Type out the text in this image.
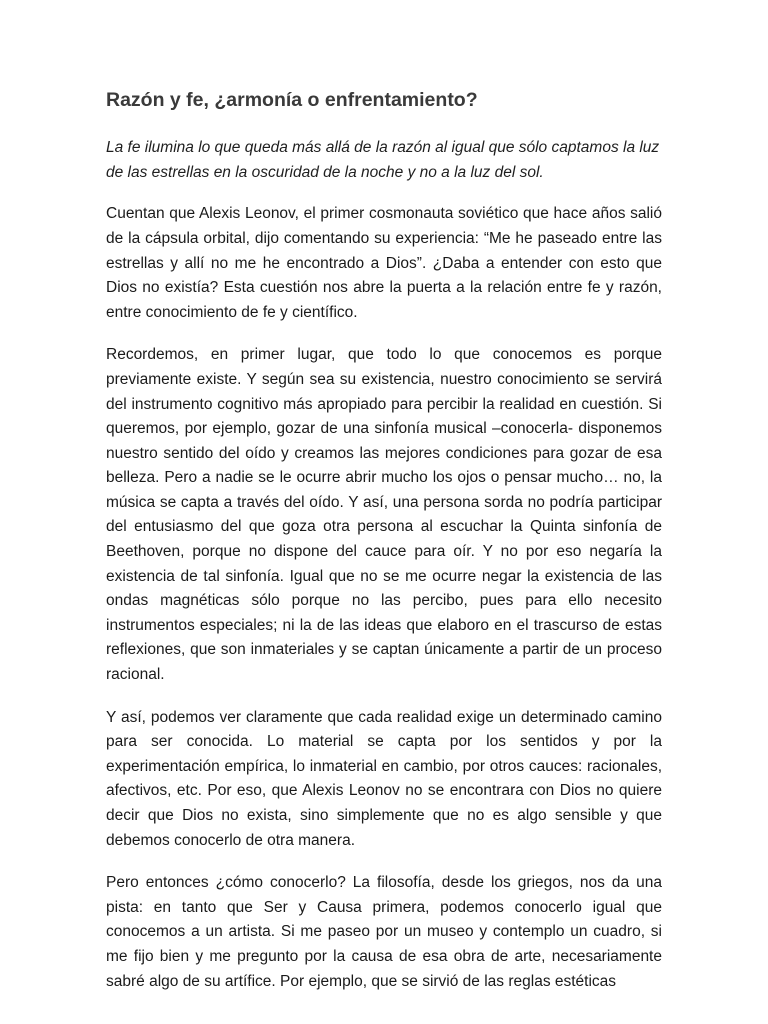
Razón y fe, ¿armonía o enfrentamiento?

La fe ilumina lo que queda más allá de la razón al igual que sólo captamos la luz de las estrellas en la oscuridad de la noche y no a la luz del sol.

Cuentan que Alexis Leonov, el primer cosmonauta soviético que hace años salió de la cápsula orbital, dijo comentando su experiencia: “Me he paseado entre las estrellas y allí no me he encontrado a Dios”. ¿Daba a entender con esto que Dios no existía? Esta cuestión nos abre la puerta a la relación entre fe y razón, entre conocimiento de fe y científico.

Recordemos, en primer lugar, que todo lo que conocemos es porque previamente existe. Y según sea su existencia, nuestro conocimiento se servirá del instrumento cognitivo más apropiado para percibir la realidad en cuestión. Si queremos, por ejemplo, gozar de una sinfonía musical –conocerla- disponemos nuestro sentido del oído y creamos las mejores condiciones para gozar de esa belleza. Pero a nadie se le ocurre abrir mucho los ojos o pensar mucho… no, la música se capta a través del oído. Y así, una persona sorda no podría participar del entusiasmo del que goza otra persona al escuchar la Quinta sinfonía de Beethoven, porque no dispone del cauce para oír. Y no por eso negaría la existencia de tal sinfonía. Igual que no se me ocurre negar la existencia de las ondas magnéticas sólo porque no las percibo, pues para ello necesito instrumentos especiales; ni la de las ideas que elaboro en el trascurso de estas reflexiones, que son inmateriales y se captan únicamente a partir de un proceso racional.

Y así, podemos ver claramente que cada realidad exige un determinado camino para ser conocida. Lo material se capta por los sentidos y por la experimentación empírica, lo inmaterial en cambio, por otros cauces: racionales, afectivos, etc. Por eso, que Alexis Leonov no se encontrara con Dios no quiere decir que Dios no exista, sino simplemente que no es algo sensible y que debemos conocerlo de otra manera.

Pero entonces ¿cómo conocerlo? La filosofía, desde los griegos, nos da una pista: en tanto que Ser y Causa primera, podemos conocerlo igual que conocemos a un artista. Si me paseo por un museo y contemplo un cuadro, si me fijo bien y me pregunto por la causa de esa obra de arte, necesariamente sabré algo de su artífice. Por ejemplo, que se sirvió de las reglas estéticas
